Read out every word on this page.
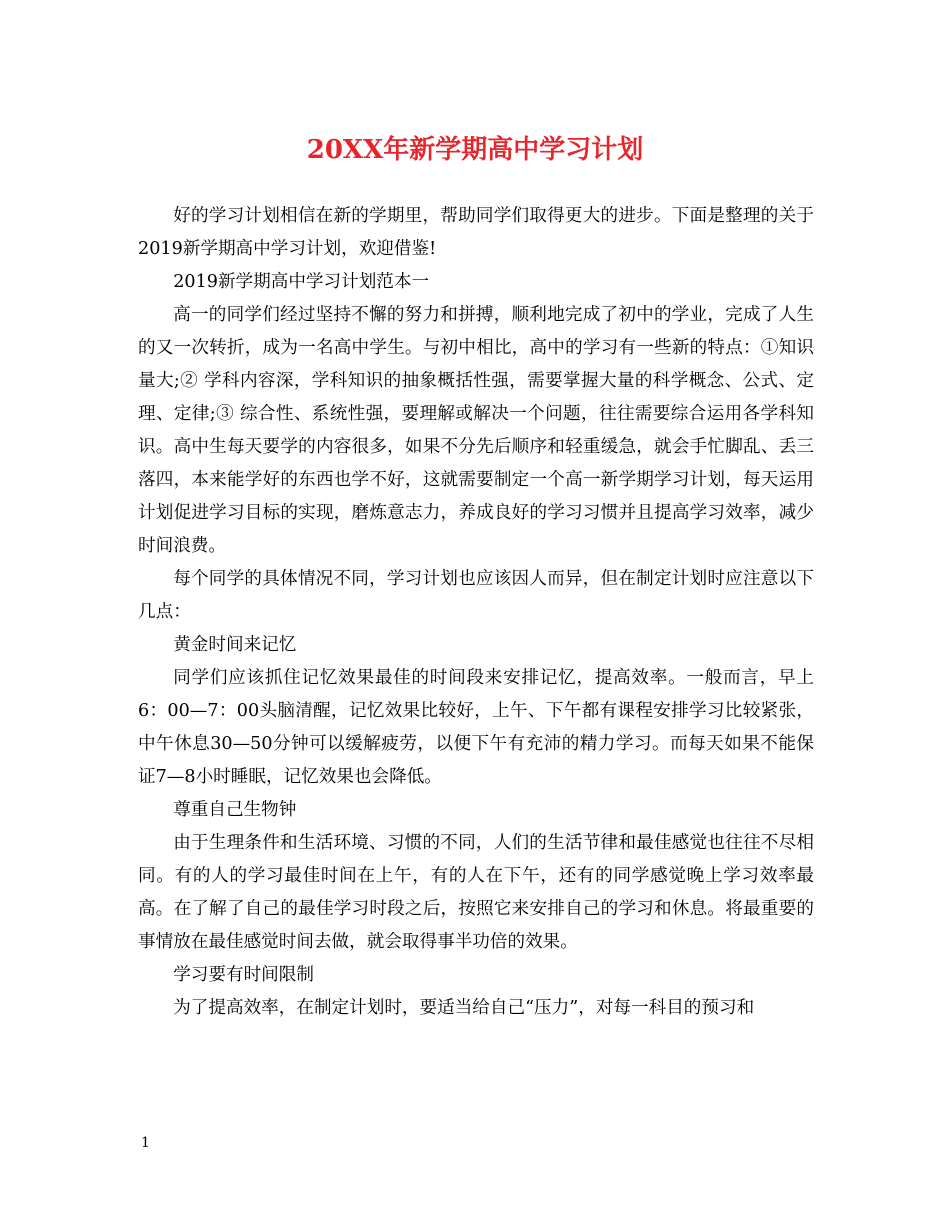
20XX年新学期高中学习计划

好的学习计划相信在新的学期里，帮助同学们取得更大的进步。下面是整理的关于2019新学期高中学习计划，欢迎借鉴!

2019新学期高中学习计划范本一

高一的同学们经过坚持不懈的努力和拼搏，顺利地完成了初中的学业，完成了人生的又一次转折，成为一名高中学生。与初中相比，高中的学习有一些新的特点：①知识量大;② 学科内容深，学科知识的抽象概括性强，需要掌握大量的科学概念、公式、定理、定律;③ 综合性、系统性强，要理解或解决一个问题，往往需要综合运用各学科知识。高中生每天要学的内容很多，如果不分先后顺序和轻重缓急，就会手忙脚乱、丢三落四，本来能学好的东西也学不好，这就需要制定一个高一新学期学习计划，每天运用计划促进学习目标的实现，磨炼意志力，养成良好的学习习惯并且提高学习效率，减少时间浪费。

每个同学的具体情况不同，学习计划也应该因人而异，但在制定计划时应注意以下几点：

黄金时间来记忆

同学们应该抓住记忆效果最佳的时间段来安排记忆，提高效率。一般而言，早上6：00—7：00头脑清醒，记忆效果比较好，上午、下午都有课程安排学习比较紧张，中午休息30—50分钟可以缓解疲劳，以便下午有充沛的精力学习。而每天如果不能保证7—8小时睡眠，记忆效果也会降低。

尊重自己生物钟

由于生理条件和生活环境、习惯的不同，人们的生活节律和最佳感觉也往往不尽相同。有的人的学习最佳时间在上午，有的人在下午，还有的同学感觉晚上学习效率最高。在了解了自己的最佳学习时段之后，按照它来安排自己的学习和休息。将最重要的事情放在最佳感觉时间去做，就会取得事半功倍的效果。

学习要有时间限制

为了提高效率，在制定计划时，要适当给自己“压力”，对每一科目的预习和

1
